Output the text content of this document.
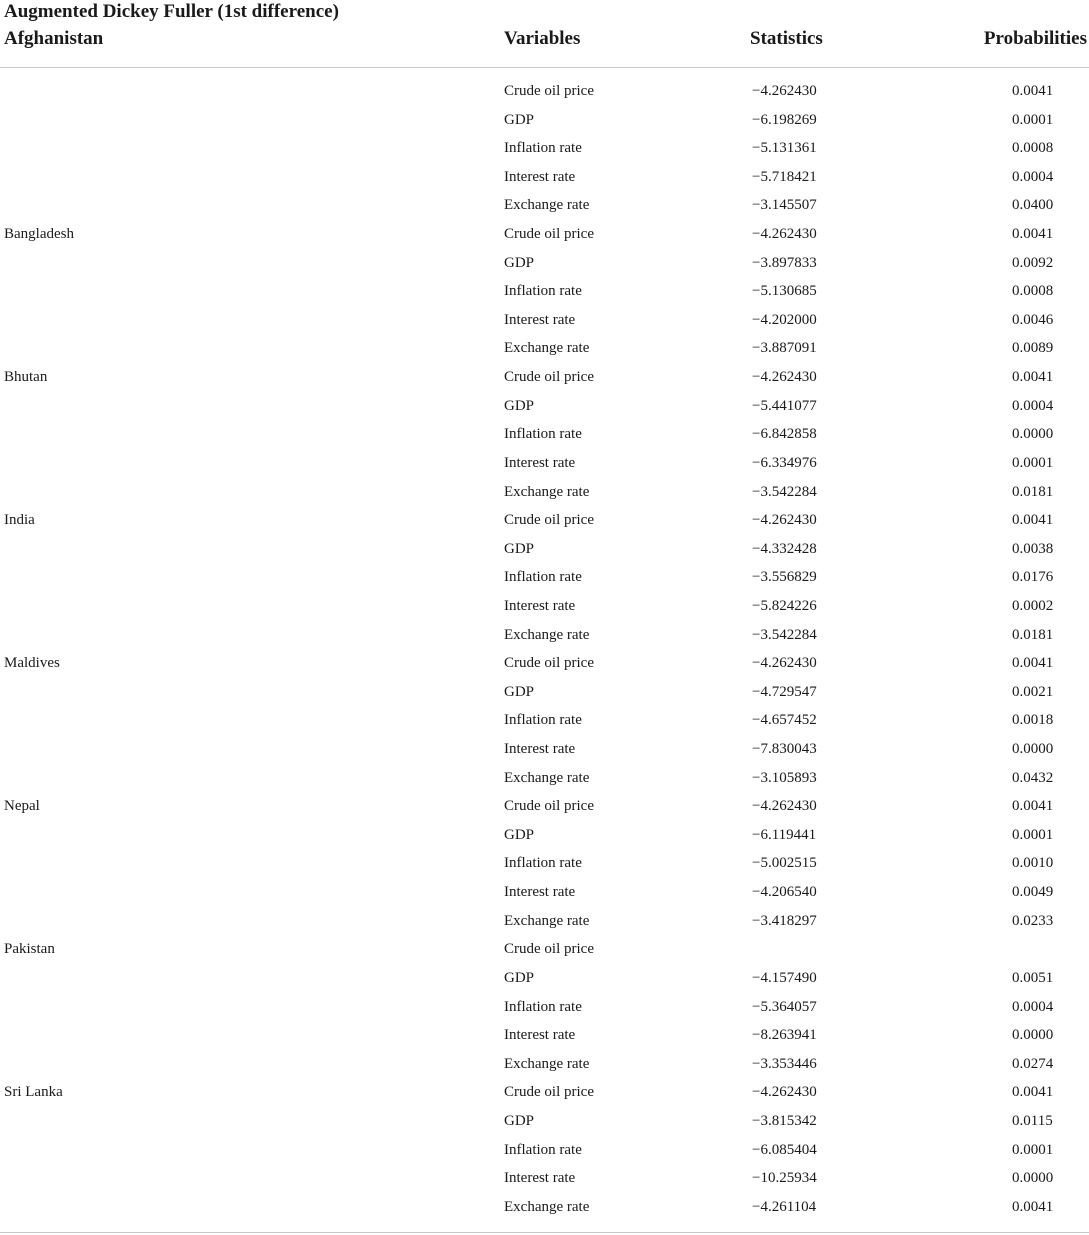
Augmented Dickey Fuller (1st difference)
Afghanistan	Variables	Statistics	Probabilities
Crude oil price	−4.262430	0.0041
GDP	−6.198269	0.0001
Inflation rate	−5.131361	0.0008
Interest rate	−5.718421	0.0004
Exchange rate	−3.145507	0.0400
Bangladesh	Crude oil price	−4.262430	0.0041
GDP	−3.897833	0.0092
Inflation rate	−5.130685	0.0008
Interest rate	−4.202000	0.0046
Exchange rate	−3.887091	0.0089
Bhutan	Crude oil price	−4.262430	0.0041
GDP	−5.441077	0.0004
Inflation rate	−6.842858	0.0000
Interest rate	−6.334976	0.0001
Exchange rate	−3.542284	0.0181
India	Crude oil price	−4.262430	0.0041
GDP	−4.332428	0.0038
Inflation rate	−3.556829	0.0176
Interest rate	−5.824226	0.0002
Exchange rate	−3.542284	0.0181
Maldives	Crude oil price	−4.262430	0.0041
GDP	−4.729547	0.0021
Inflation rate	−4.657452	0.0018
Interest rate	−7.830043	0.0000
Exchange rate	−3.105893	0.0432
Nepal	Crude oil price	−4.262430	0.0041
GDP	−6.119441	0.0001
Inflation rate	−5.002515	0.0010
Interest rate	−4.206540	0.0049
Exchange rate	−3.418297	0.0233
Pakistan	Crude oil price
GDP	−4.157490	0.0051
Inflation rate	−5.364057	0.0004
Interest rate	−8.263941	0.0000
Exchange rate	−3.353446	0.0274
Sri Lanka	Crude oil price	−4.262430	0.0041
GDP	−3.815342	0.0115
Inflation rate	−6.085404	0.0001
Interest rate	−10.25934	0.0000
Exchange rate	−4.261104	0.0041
